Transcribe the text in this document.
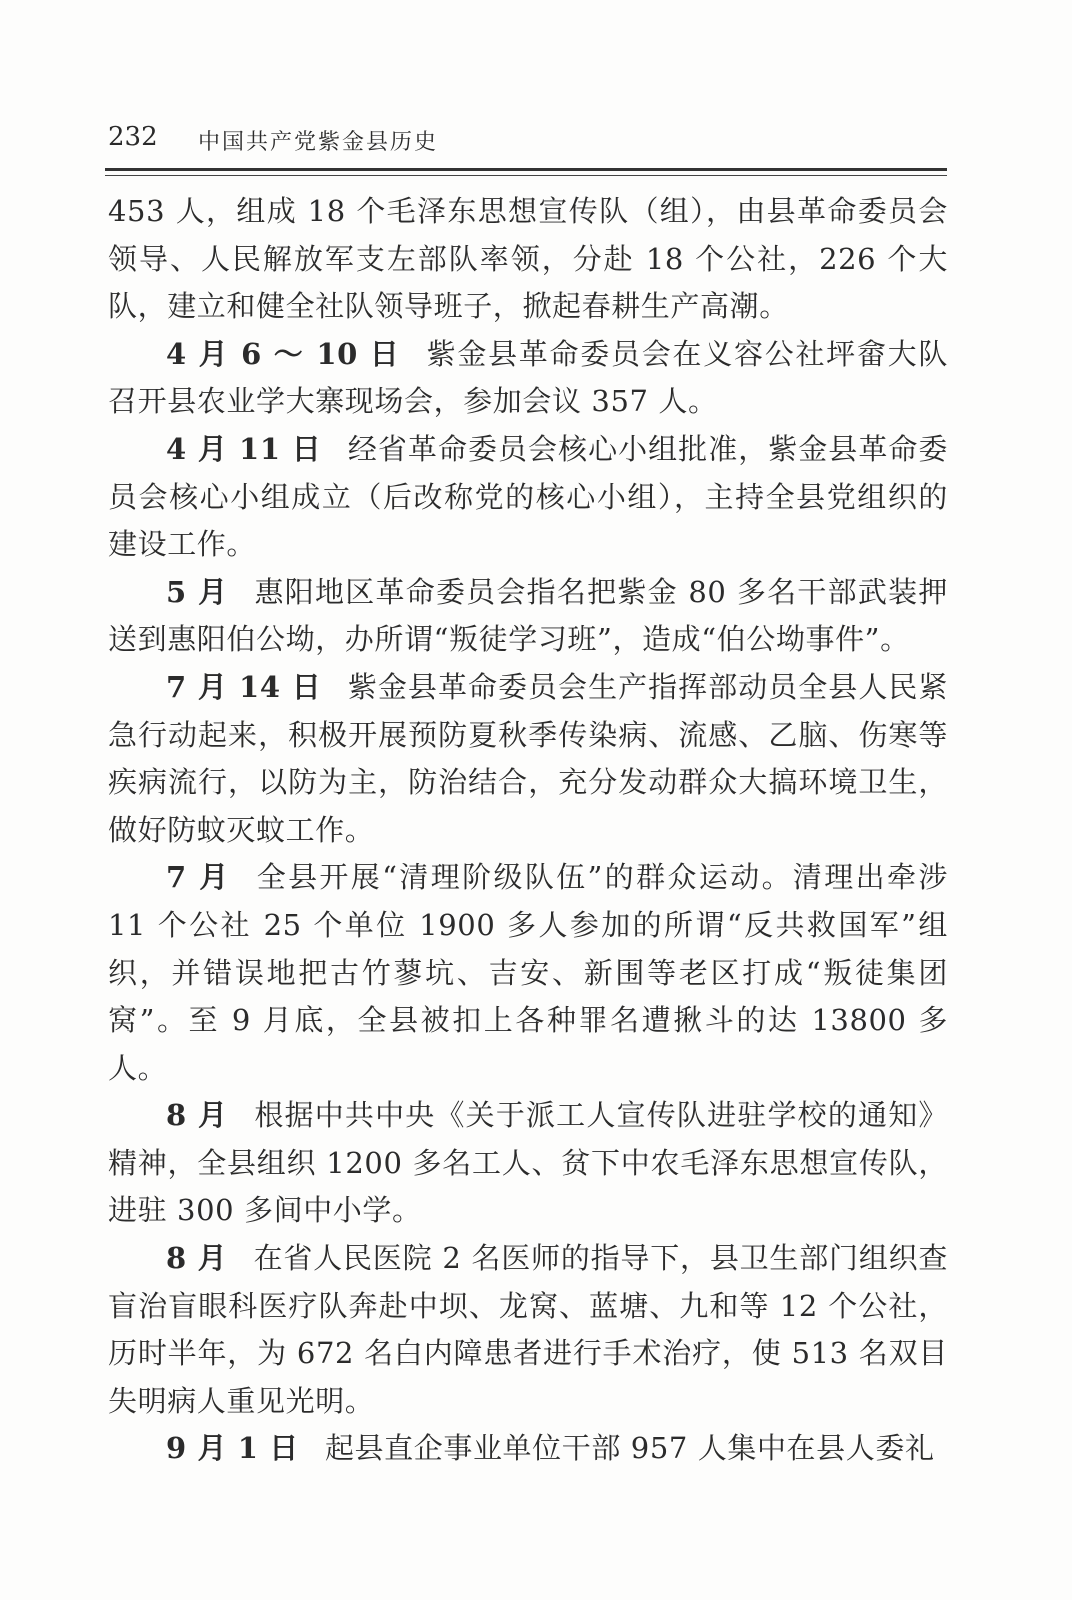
232 中国共产党紫金县历史

453 人，组成 18 个毛泽东思想宣传队（组），由县革命委员会领导、人民解放军支左部队率领，分赴 18 个公社，226 个大队，建立和健全社队领导班子，掀起春耕生产高潮。

4 月 6 ～ 10 日 紫金县革命委员会在义容公社坪畲大队召开县农业学大寨现场会，参加会议 357 人。

4 月 11 日 经省革命委员会核心小组批准，紫金县革命委员会核心小组成立（后改称党的核心小组），主持全县党组织的建设工作。

5 月 惠阳地区革命委员会指名把紫金 80 多名干部武装押送到惠阳伯公坳，办所谓“叛徒学习班”，造成“伯公坳事件”。

7 月 14 日 紫金县革命委员会生产指挥部动员全县人民紧急行动起来，积极开展预防夏秋季传染病、流感、乙脑、伤寒等疾病流行，以防为主，防治结合，充分发动群众大搞环境卫生，做好防蚊灭蚊工作。

7 月 全县开展“清理阶级队伍”的群众运动。清理出牵涉 11 个公社 25 个单位 1900 多人参加的所谓“反共救国军”组织，并错误地把古竹蓼坑、吉安、新围等老区打成“叛徒集团窝”。至 9 月底，全县被扣上各种罪名遭揪斗的达 13800 多人。

8 月 根据中共中央《关于派工人宣传队进驻学校的通知》精神，全县组织 1200 多名工人、贫下中农毛泽东思想宣传队，进驻 300 多间中小学。

8 月 在省人民医院 2 名医师的指导下，县卫生部门组织查盲治盲眼科医疗队奔赴中坝、龙窝、蓝塘、九和等 12 个公社，历时半年，为 672 名白内障患者进行手术治疗，使 513 名双目失明病人重见光明。

9 月 1 日 起县直企事业单位干部 957 人集中在县人委礼
